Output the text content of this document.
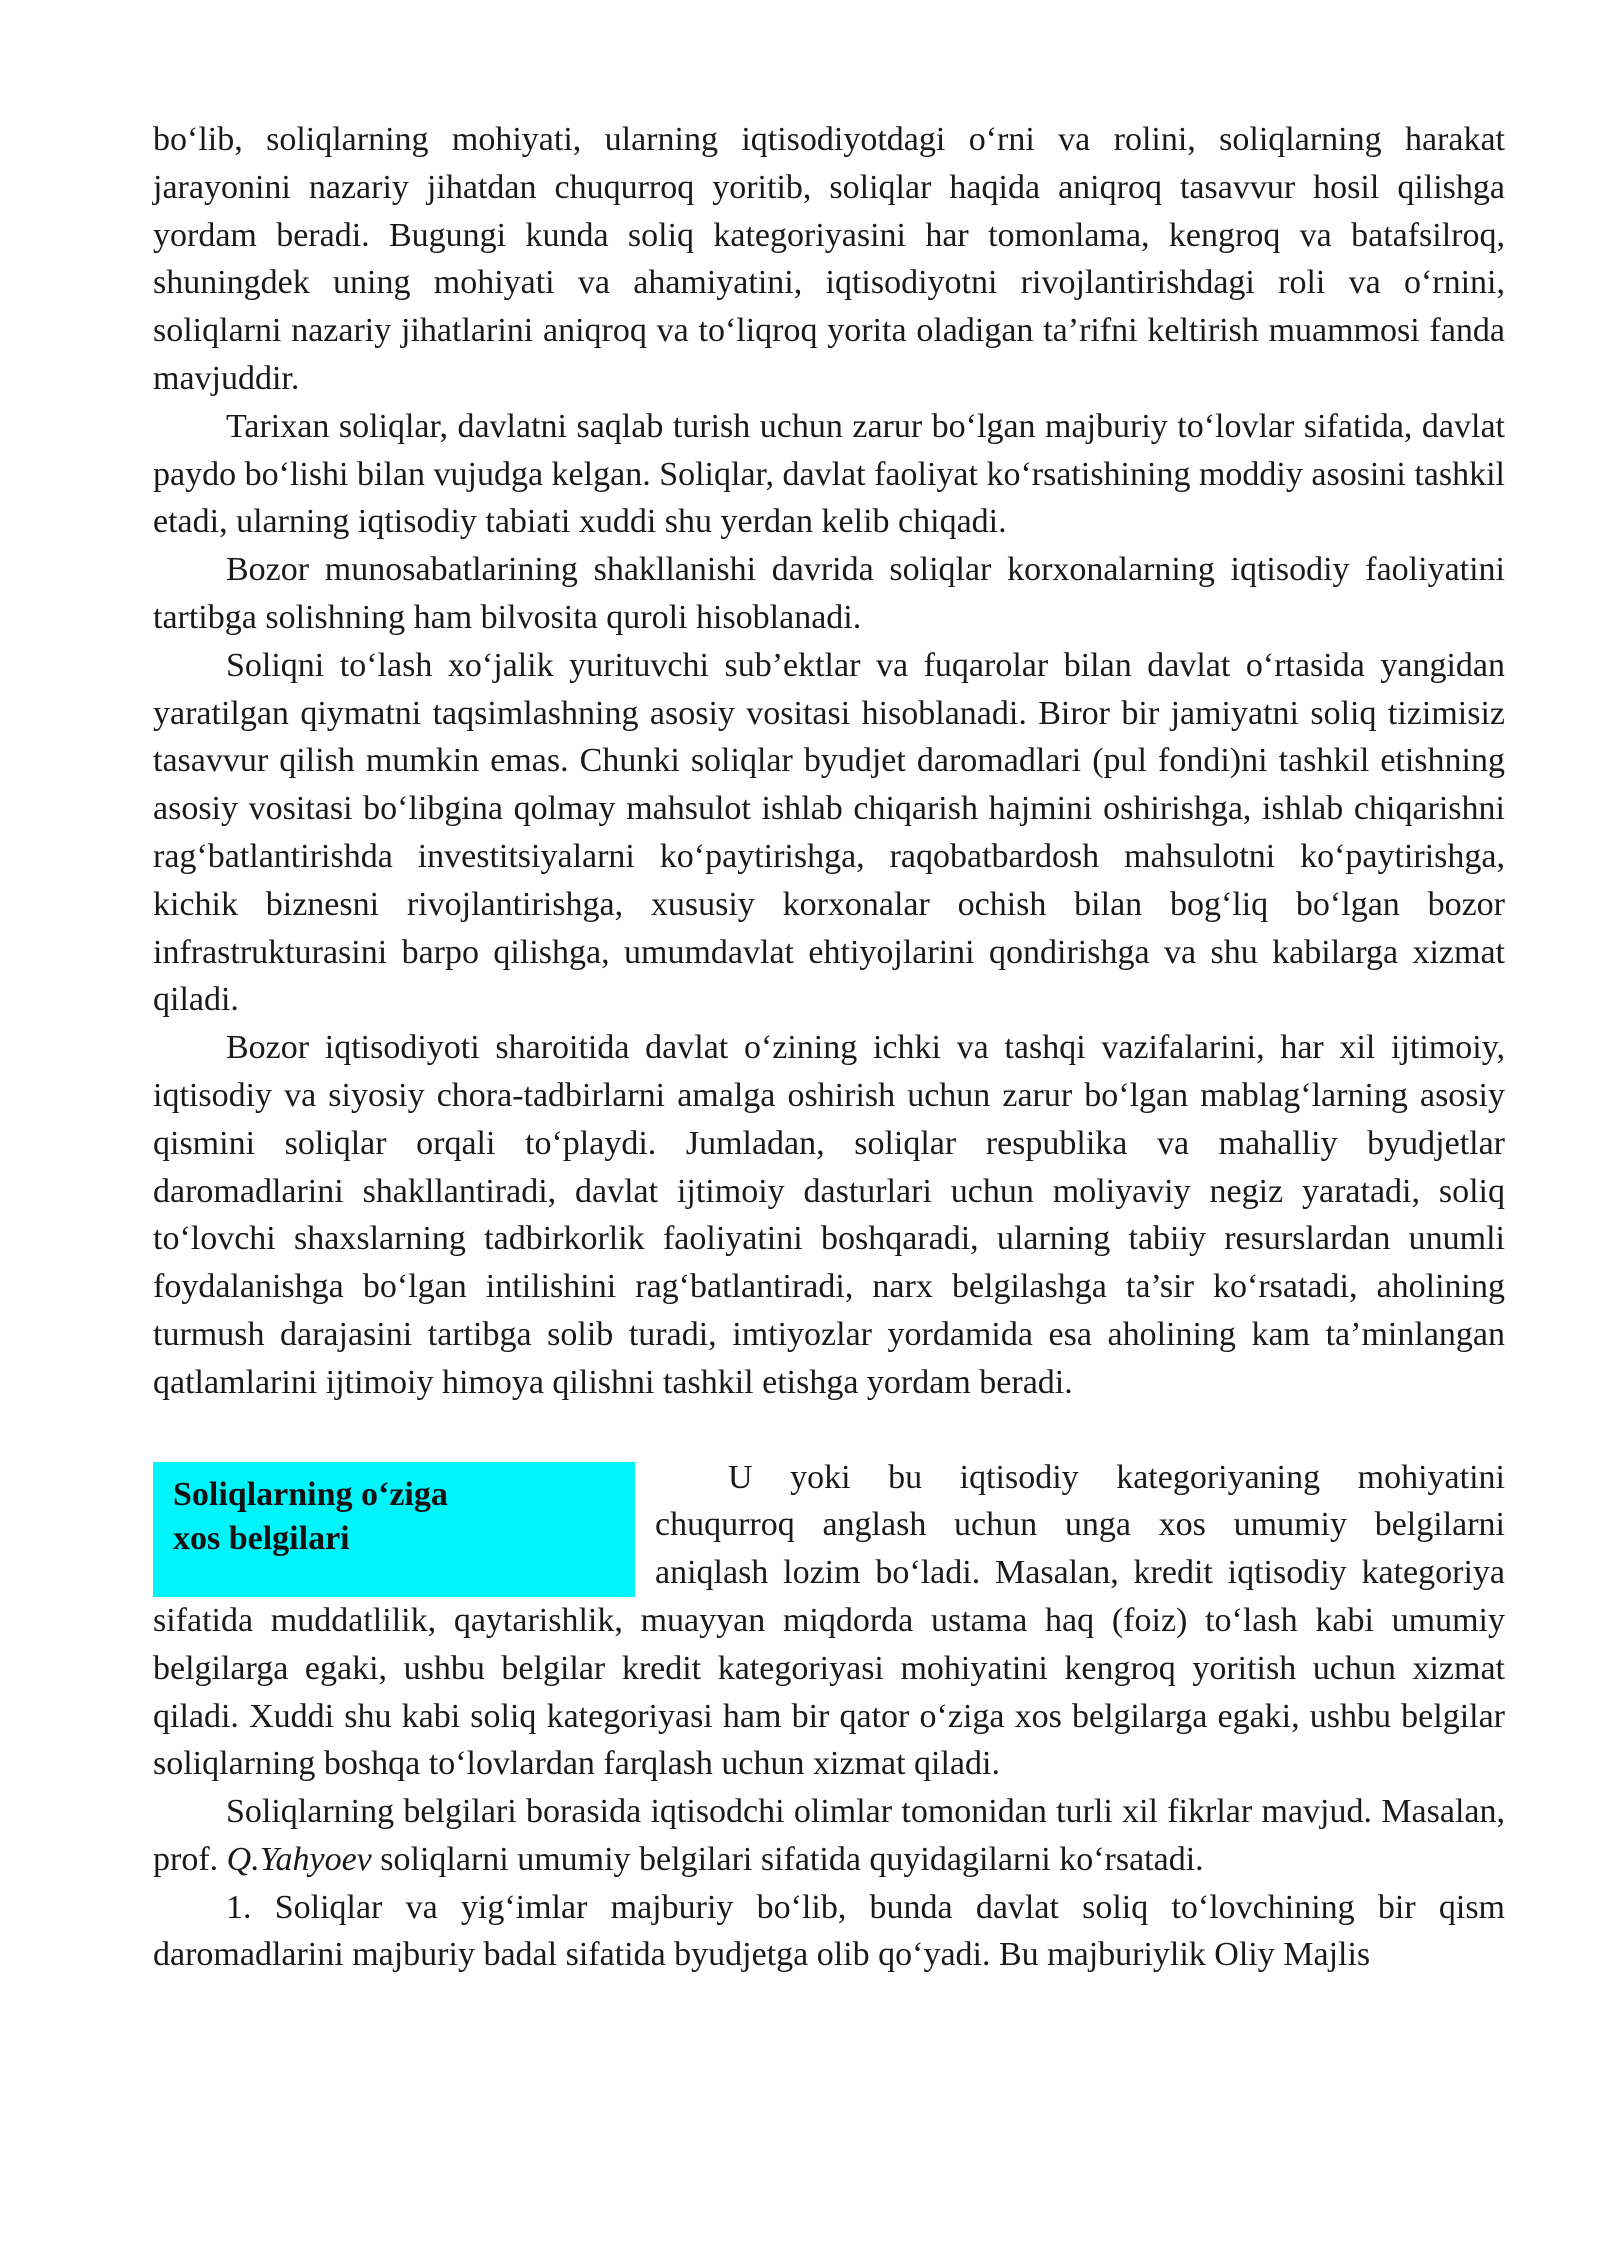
bo‘lib, soliqlarning mohiyati, ularning iqtisodiyotdagi o‘rni va rolini, soliqlarning harakat jarayonini nazariy jihatdan chuqurroq yoritib, soliqlar haqida aniqroq tasavvur hosil qilishga yordam beradi. Bugungi kunda soliq kategoriyasini har tomonlama, kengroq va batafsilroq, shuningdek uning mohiyati va ahamiyatini, iqtisodiyotni rivojlantirishdagi roli va o‘rnini, soliqlarni nazariy jihatlarini aniqroq va to‘liqroq yorita oladigan ta’rifni keltirish muammosi fanda mavjuddir.

Tarixan soliqlar, davlatni saqlab turish uchun zarur bo‘lgan majburiy to‘lovlar sifatida, davlat paydo bo‘lishi bilan vujudga kelgan. Soliqlar, davlat faoliyat ko‘rsatishining moddiy asosini tashkil etadi, ularning iqtisodiy tabiati xuddi shu yerdan kelib chiqadi.

Bozor munosabatlarining shakllanishi davrida soliqlar korxonalarning iqtisodiy faoliyatini tartibga solishning ham bilvosita quroli hisoblanadi.

Soliqni to‘lash xo‘jalik yurituvchi sub’ektlar va fuqarolar bilan davlat o‘rtasida yangidan yaratilgan qiymatni taqsimlashning asosiy vositasi hisoblanadi. Biror bir jamiyatni soliq tizimisiz tasavvur qilish mumkin emas. Chunki soliqlar byudjet daromadlari (pul fondi)ni tashkil etishning asosiy vositasi bo‘libgina qolmay mahsulot ishlab chiqarish hajmini oshirishga, ishlab chiqarishni rag‘batlantirishda investitsiyalarni ko‘paytirishga, raqobatbardosh mahsulotni ko‘paytirishga, kichik biznesni rivojlantirishga, xususiy korxonalar ochish bilan bog‘liq bo‘lgan bozor infrastrukturasini barpo qilishga, umumdavlat ehtiyojlarini qondirishga va shu kabilarga xizmat qiladi.

Bozor iqtisodiyoti sharoitida davlat o‘zining ichki va tashqi vazifalarini, har xil ijtimoiy, iqtisodiy va siyosiy chora-tadbirlarni amalga oshirish uchun zarur bo‘lgan mablag‘larning asosiy qismini soliqlar orqali to‘playdi. Jumladan, soliqlar respublika va mahalliy byudjetlar daromadlarini shakllantiradi, davlat ijtimoiy dasturlari uchun moliyaviy negiz yaratadi, soliq to‘lovchi shaxslarning tadbirkorlik faoliyatini boshqaradi, ularning tabiiy resurslardan unumli foydalanishga bo‘lgan intilishini rag‘batlantiradi, narx belgilashga ta’sir ko‘rsatadi, aholining turmush darajasini tartibga solib turadi, imtiyozlar yordamida esa aholining kam ta’minlangan qatlamlarini ijtimoiy himoya qilishni tashkil etishga yordam beradi.

Soliqlarning o‘ziga
xos belgilari

U yoki bu iqtisodiy kategoriyaning mohiyatini chuqurroq anglash uchun unga xos umumiy belgilarni aniqlash lozim bo‘ladi. Masalan, kredit iqtisodiy kategoriya sifatida muddatlilik, qaytarishlik, muayyan miqdorda ustama haq (foiz) to‘lash kabi umumiy belgilarga egaki, ushbu belgilar kredit kategoriyasi mohiyatini kengroq yoritish uchun xizmat qiladi. Xuddi shu kabi soliq kategoriyasi ham bir qator o‘ziga xos belgilarga egaki, ushbu belgilar soliqlarning boshqa to‘lovlardan farqlash uchun xizmat qiladi.

Soliqlarning belgilari borasida iqtisodchi olimlar tomonidan turli xil fikrlar mavjud. Masalan, prof. Q.Yahyoev soliqlarni umumiy belgilari sifatida quyidagilarni ko‘rsatadi.

1. Soliqlar va yig‘imlar majburiy bo‘lib, bunda davlat soliq to‘lovchining bir qism daromadlarini majburiy badal sifatida byudjetga olib qo‘yadi. Bu majburiylik Oliy Majlis
